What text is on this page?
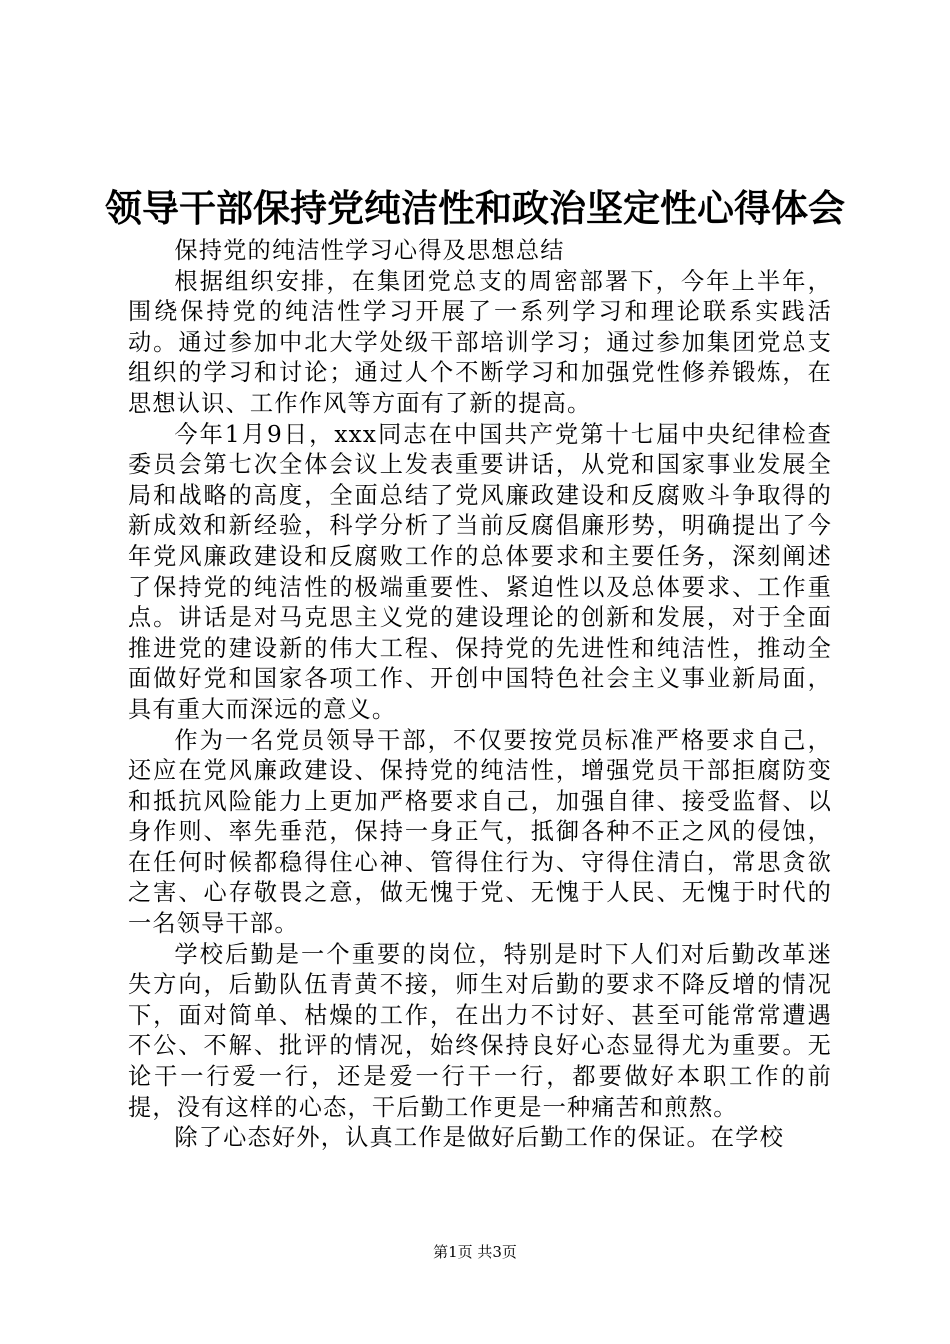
领导干部保持党纯洁性和政治坚定性心得体会

保持党的纯洁性学习心得及思想总结

根据组织安排，在集团党总支的周密部署下，今年上半年，围绕保持党的纯洁性学习开展了一系列学习和理论联系实践活动。通过参加中北大学处级干部培训学习；通过参加集团党总支组织的学习和讨论；通过人个不断学习和加强党性修养锻炼，在思想认识、工作作风等方面有了新的提高。

今年1月9日，xxx同志在中国共产党第十七届中央纪律检查委员会第七次全体会议上发表重要讲话，从党和国家事业发展全局和战略的高度，全面总结了党风廉政建设和反腐败斗争取得的新成效和新经验，科学分析了当前反腐倡廉形势，明确提出了今年党风廉政建设和反腐败工作的总体要求和主要任务，深刻阐述了保持党的纯洁性的极端重要性、紧迫性以及总体要求、工作重点。讲话是对马克思主义党的建设理论的创新和发展，对于全面推进党的建设新的伟大工程、保持党的先进性和纯洁性，推动全面做好党和国家各项工作、开创中国特色社会主义事业新局面，具有重大而深远的意义。

作为一名党员领导干部，不仅要按党员标准严格要求自己，还应在党风廉政建设、保持党的纯洁性，增强党员干部拒腐防变和抵抗风险能力上更加严格要求自己，加强自律、接受监督、以身作则、率先垂范，保持一身正气，抵御各种不正之风的侵蚀，在任何时候都稳得住心神、管得住行为、守得住清白，常思贪欲之害、心存敬畏之意，做无愧于党、无愧于人民、无愧于时代的一名领导干部。

学校后勤是一个重要的岗位，特别是时下人们对后勤改革迷失方向，后勤队伍青黄不接，师生对后勤的要求不降反增的情况下，面对简单、枯燥的工作，在出力不讨好、甚至可能常常遭遇不公、不解、批评的情况，始终保持良好心态显得尤为重要。无论干一行爱一行，还是爱一行干一行，都要做好本职工作的前提，没有这样的心态，干后勤工作更是一种痛苦和煎熬。

除了心态好外，认真工作是做好后勤工作的保证。在学校

第1页 共3页
